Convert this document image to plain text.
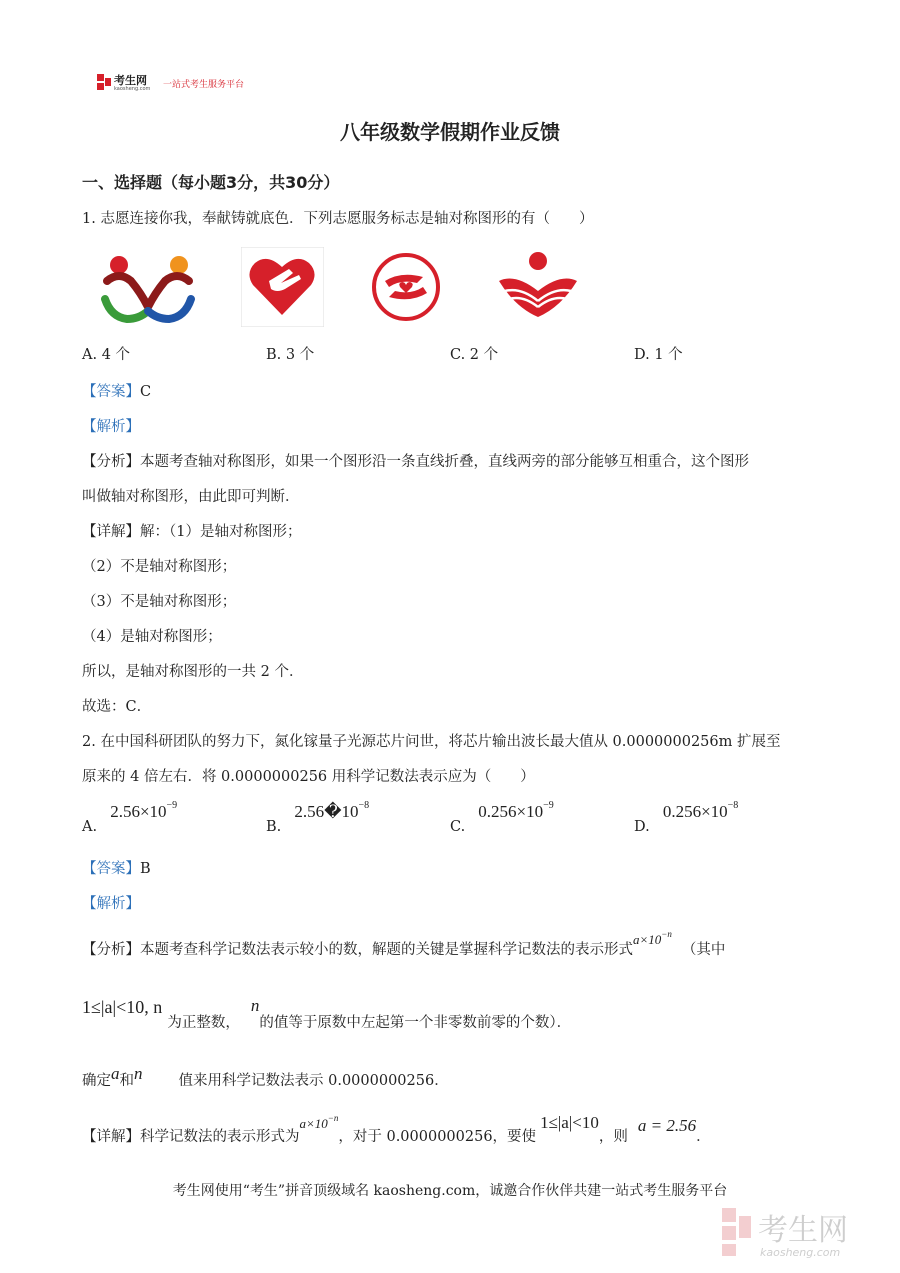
考生网
kaosheng.com 一站式考生服务平台
八年级数学假期作业反馈
一、选择题（每小题3分，共30分）
1. 志愿连接你我，奉献铸就底色．下列志愿服务标志是轴对称图形的有（　　）
A. 4 个	B. 3 个	C. 2 个	D. 1 个
【答案】C
【解析】
【分析】本题考查轴对称图形，如果一个图形沿一条直线折叠，直线两旁的部分能够互相重合，这个图形
叫做轴对称图形，由此即可判断．
【详解】解：（1）是轴对称图形；
（2）不是轴对称图形；
（3）不是轴对称图形；
（4）是轴对称图形；
所以，是轴对称图形的一共 2 个．
故选：C．
2. 在中国科研团队的努力下，氮化镓量子光源芯片问世，将芯片输出波长最大值从 0.0000000256m 扩展至
原来的 4 倍左右．将 0.0000000256 用科学记数法表示应为（　　）
A. $2.56\times 10^{-9}$
B. $2.56�10^{-8}$
C. $0.256\times 10^{-9}$
D. $0.256\times 10^{-8}$
【答案】B
【解析】
【分析】本题考查科学记数法表示较小的数，解题的关键是掌握科学记数法的表示形式$a\times 10^{-n}$（其中
1≤|a|<10, n 为正整数， n的值等于原数中左起第一个非零数前零的个数）．
确定a和n 值来用科学记数法表示 0.0000000256．
【详解】科学记数法的表示形式为$a\times 10^{-n}$，对于 0.0000000256，要使1≤|a|<10，则a = 2.56．
考生网使用“考生”拼音顶级域名 kaosheng.com，诚邀合作伙伴共建一站式考生服务平台
考生网
kaosheng.com
